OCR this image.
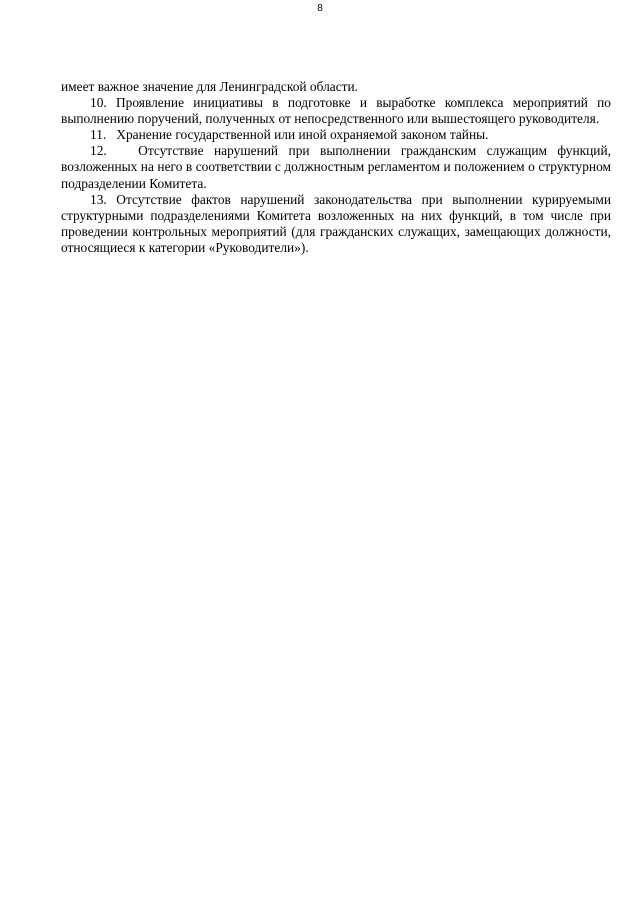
8

имеет важное значение для Ленинградской области.

10. Проявление инициативы в подготовке и выработке комплекса мероприятий по выполнению поручений, полученных от непосредственного или вышестоящего руководителя.

11. Хранение государственной или иной охраняемой законом тайны.

12. Отсутствие нарушений при выполнении гражданским служащим функций, возложенных на него в соответствии с должностным регламентом и положением о структурном подразделении Комитета.

13. Отсутствие фактов нарушений законодательства при выполнении курируемыми структурными подразделениями Комитета возложенных на них функций, в том числе при проведении контрольных мероприятий (для гражданских служащих, замещающих должности, относящиеся к категории «Руководители»).
